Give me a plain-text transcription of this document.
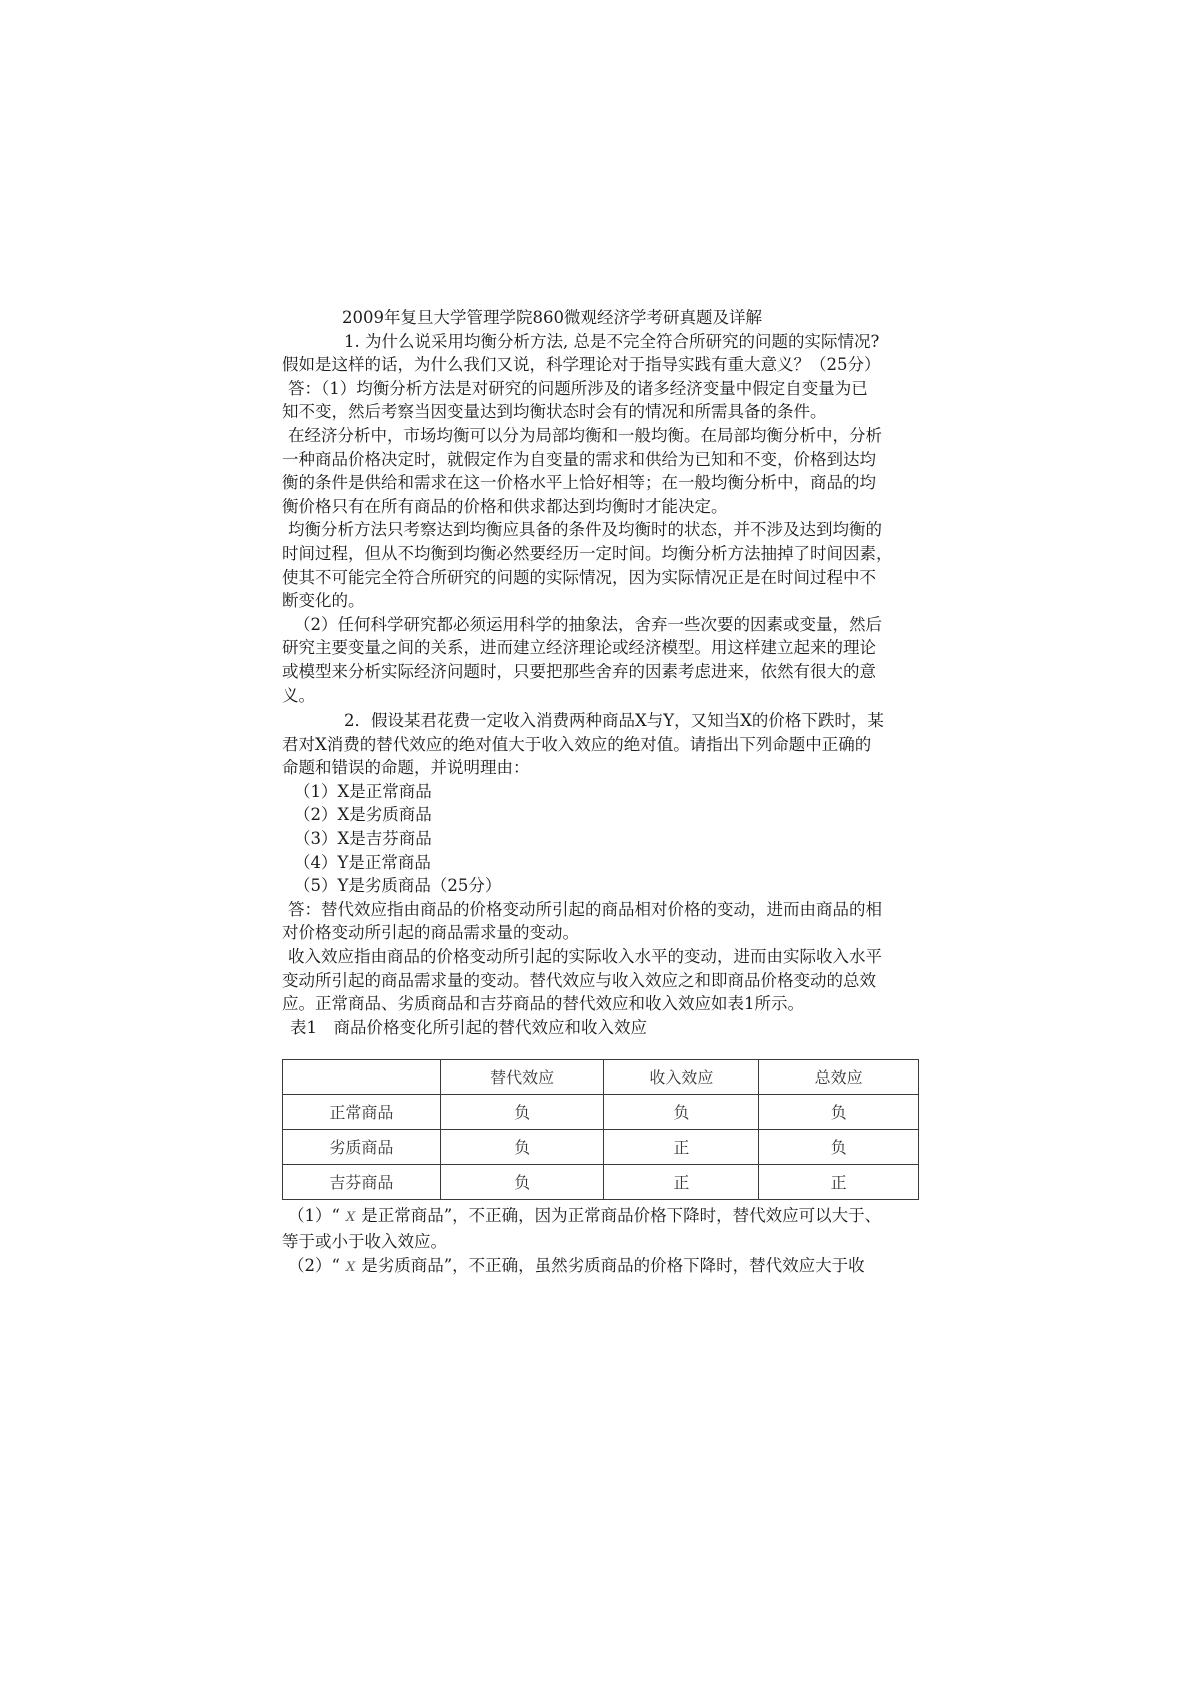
2009年复旦大学管理学院860微观经济学考研真题及详解

1. 为什么说采用均衡分析方法, 总是不完全符合所研究的问题的实际情况?

假如是这样的话，为什么我们又说，科学理论对于指导实践有重大意义？（25分）

答：（1）均衡分析方法是对研究的问题所涉及的诸多经济变量中假定自变量为已

知不变，然后考察当因变量达到均衡状态时会有的情况和所需具备的条件。

在经济分析中，市场均衡可以分为局部均衡和一般均衡。在局部均衡分析中，分析

一种商品价格决定时，就假定作为自变量的需求和供给为已知和不变，价格到达均

衡的条件是供给和需求在这一价格水平上恰好相等；在一般均衡分析中，商品的均

衡价格只有在所有商品的价格和供求都达到均衡时才能决定。

均衡分析方法只考察达到均衡应具备的条件及均衡时的状态，并不涉及达到均衡的

时间过程，但从不均衡到均衡必然要经历一定时间。均衡分析方法抽掉了时间因素，

使其不可能完全符合所研究的问题的实际情况，因为实际情况正是在时间过程中不

断变化的。

（2）任何科学研究都必须运用科学的抽象法，舍弃一些次要的因素或变量，然后

研究主要变量之间的关系，进而建立经济理论或经济模型。用这样建立起来的理论

或模型来分析实际经济问题时，只要把那些舍弃的因素考虑进来，依然有很大的意

义。

2．假设某君花费一定收入消费两种商品X与Y，又知当X的价格下跌时，某

君对X消费的替代效应的绝对值大于收入效应的绝对值。请指出下列命题中正确的

命题和错误的命题，并说明理由：

（1）X是正常商品

（2）X是劣质商品

（3）X是吉芬商品

（4）Y是正常商品

（5）Y是劣质商品（25分）

答：替代效应指由商品的价格变动所引起的商品相对价格的变动，进而由商品的相

对价格变动所引起的商品需求量的变动。

收入效应指由商品的价格变动所引起的实际收入水平的变动，进而由实际收入水平

变动所引起的商品需求量的变动。替代效应与收入效应之和即商品价格变动的总效

应。正常商品、劣质商品和吉芬商品的替代效应和收入效应如表1所示。

表1　商品价格变化所引起的替代效应和收入效应

	替代效应	收入效应	总效应
正常商品	负	负	负
劣质商品	负	正	负
吉芬商品	负	正	正

（1）“ X 是正常商品”，不正确，因为正常商品价格下降时，替代效应可以大于、

等于或小于收入效应。

（2）“ X 是劣质商品”，不正确，虽然劣质商品的价格下降时，替代效应大于收
